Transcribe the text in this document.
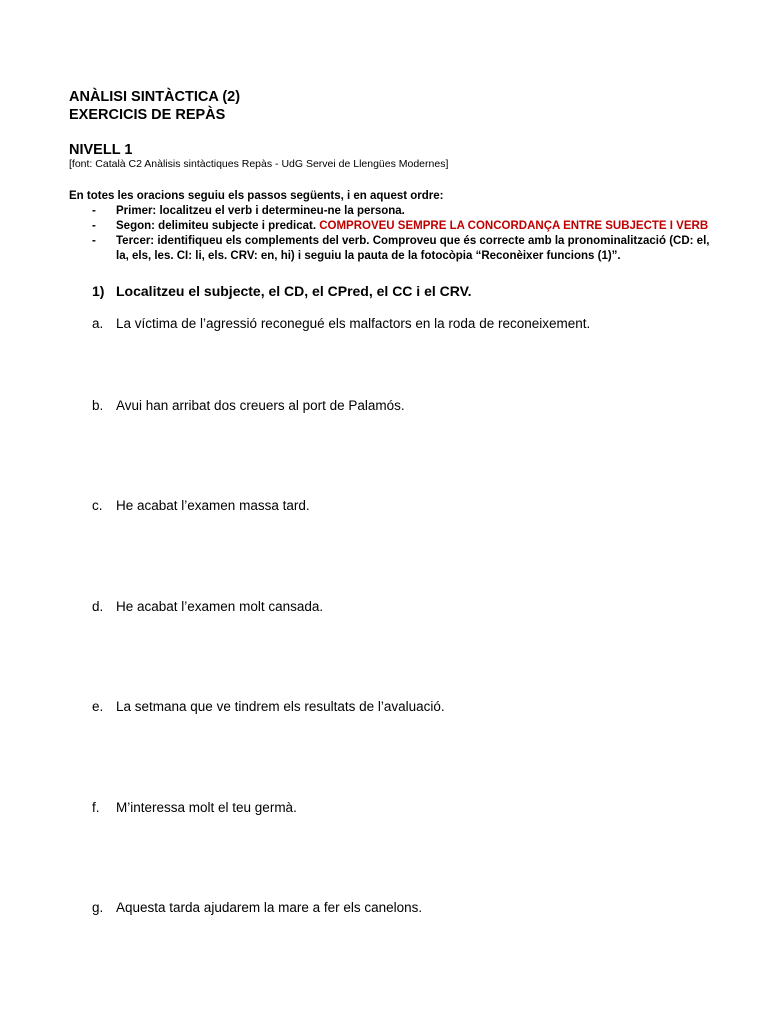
ANÀLISI SINTÀCTICA (2)
EXERCICIS DE REPÀS
NIVELL 1
[font: Català C2 Anàlisis sintàctiques Repàs - UdG Servei de Llengües Modernes]
En totes les oracions seguiu els passos següents, i en aquest ordre:
- Primer: localitzeu el verb i determineu-ne la persona.
- Segon: delimiteu subjecte i predicat. COMPROVEU SEMPRE LA CONCORDANÇA ENTRE SUBJECTE I VERB
- Tercer: identifiqueu els complements del verb. Comproveu que és correcte amb la pronominalització (CD: el,
la, els, les. CI: li, els. CRV: en, hi) i seguiu la pauta de la fotocòpia “Reconèixer funcions (1)”.
1) Localitzeu el subjecte, el CD, el CPred, el CC i el CRV.
a. La víctima de l’agressió reconegué els malfactors en la roda de reconeixement.
b. Avui han arribat dos creuers al port de Palamós.
c. He acabat l’examen massa tard.
d. He acabat l’examen molt cansada.
e. La setmana que ve tindrem els resultats de l’avaluació.
f. M’interessa molt el teu germà.
g. Aquesta tarda ajudarem la mare a fer els canelons.
